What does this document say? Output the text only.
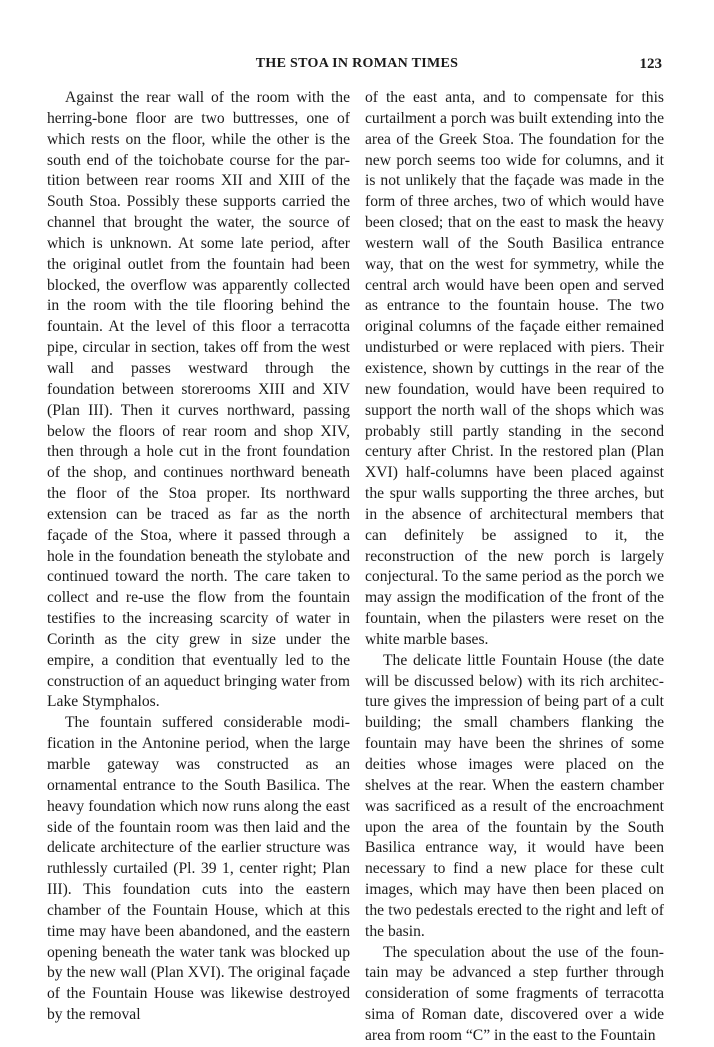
THE STOA IN ROMAN TIMES	123

Against the rear wall of the room with the herring-bone floor are two buttresses, one of which rests on the floor, while the other is the south end of the toichobate course for the partition between rear rooms XII and XIII of the South Stoa. Possibly these supports carried the channel that brought the water, the source of which is unknown. At some late period, after the original outlet from the fountain had been blocked, the overflow was apparently collected in the room with the tile flooring behind the fountain. At the level of this floor a terracotta pipe, circular in section, takes off from the west wall and passes westward through the foundation between storerooms XIII and XIV (Plan III). Then it curves northward, passing below the floors of rear room and shop XIV, then through a hole cut in the front foundation of the shop, and continues northward beneath the floor of the Stoa proper. Its northward extension can be traced as far as the north façade of the Stoa, where it passed through a hole in the foundation beneath the stylobate and continued toward the north. The care taken to collect and re-use the flow from the fountain testifies to the increasing scarcity of water in Corinth as the city grew in size under the empire, a condition that eventually led to the construction of an aqueduct bringing water from Lake Stymphalos.

The fountain suffered considerable modification in the Antonine period, when the large marble gateway was constructed as an ornamental entrance to the South Basilica. The heavy foundation which now runs along the east side of the fountain room was then laid and the delicate architecture of the earlier structure was ruthlessly curtailed (Pl. 39 1, center right; Plan III). This foundation cuts into the eastern chamber of the Fountain House, which at this time may have been abandoned, and the eastern opening beneath the water tank was blocked up by the new wall (Plan XVI). The original façade of the Fountain House was likewise destroyed by the removal

of the east anta, and to compensate for this curtailment a porch was built extending into the area of the Greek Stoa. The foundation for the new porch seems too wide for columns, and it is not unlikely that the façade was made in the form of three arches, two of which would have been closed; that on the east to mask the heavy western wall of the South Basilica entrance way, that on the west for symmetry, while the central arch would have been open and served as entrance to the fountain house. The two original columns of the façade either remained undisturbed or were replaced with piers. Their existence, shown by cuttings in the rear of the new foundation, would have been required to support the north wall of the shops which was probably still partly standing in the second century after Christ. In the restored plan (Plan XVI) half-columns have been placed against the spur walls supporting the three arches, but in the absence of architectural members that can definitely be assigned to it, the reconstruction of the new porch is largely conjectural. To the same period as the porch we may assign the modification of the front of the fountain, when the pilasters were reset on the white marble bases.

The delicate little Fountain House (the date will be discussed below) with its rich architecture gives the impression of being part of a cult building; the small chambers flanking the fountain may have been the shrines of some deities whose images were placed on the shelves at the rear. When the eastern chamber was sacrificed as a result of the encroachment upon the area of the fountain by the South Basilica entrance way, it would have been necessary to find a new place for these cult images, which may have then been placed on the two pedestals erected to the right and left of the basin.

The speculation about the use of the fountain may be advanced a step further through consideration of some fragments of terracotta sima of Roman date, discovered over a wide area from room “C” in the east to the Fountain
